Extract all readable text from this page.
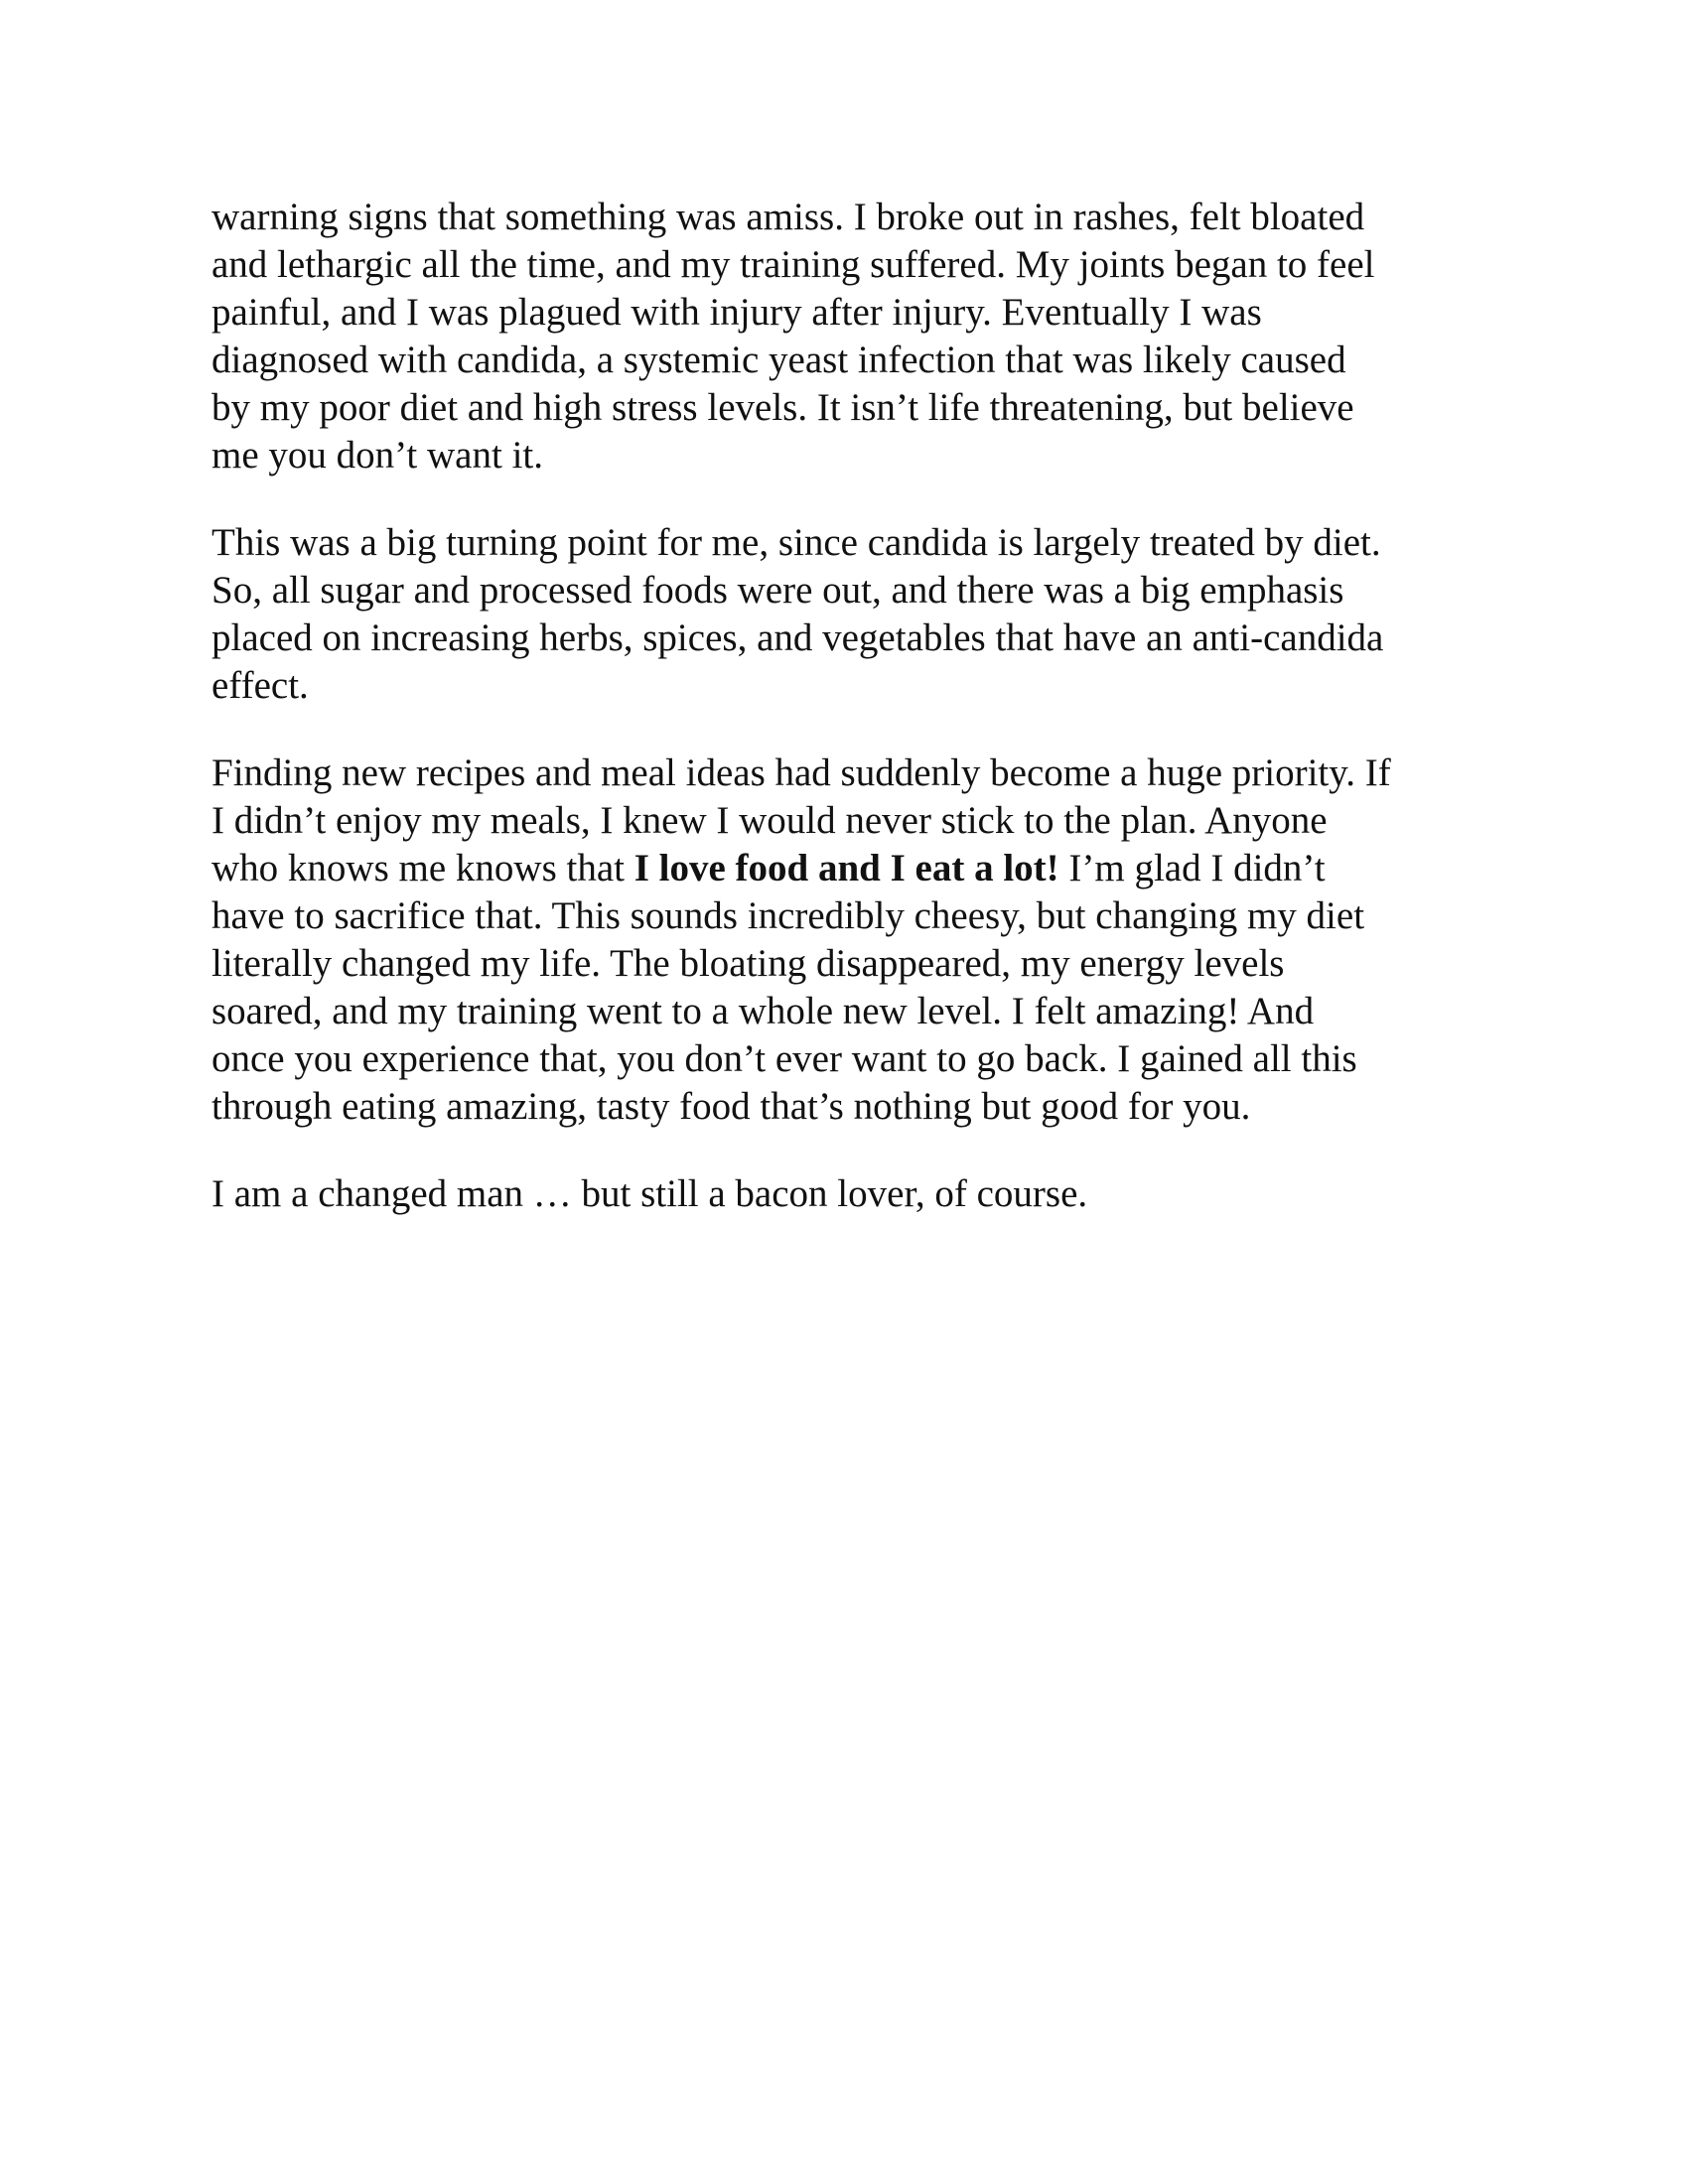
warning signs that something was amiss. I broke out in rashes, felt bloated
and lethargic all the time, and my training suffered. My joints began to feel
painful, and I was plagued with injury after injury. Eventually I was
diagnosed with candida, a systemic yeast infection that was likely caused
by my poor diet and high stress levels. It isn’t life threatening, but believe
me you don’t want it.

This was a big turning point for me, since candida is largely treated by diet.
So, all sugar and processed foods were out, and there was a big emphasis
placed on increasing herbs, spices, and vegetables that have an anti-candida
effect.

Finding new recipes and meal ideas had suddenly become a huge priority. If
I didn’t enjoy my meals, I knew I would never stick to the plan. Anyone
who knows me knows that I love food and I eat a lot! I’m glad I didn’t
have to sacrifice that. This sounds incredibly cheesy, but changing my diet
literally changed my life. The bloating disappeared, my energy levels
soared, and my training went to a whole new level. I felt amazing! And
once you experience that, you don’t ever want to go back. I gained all this
through eating amazing, tasty food that’s nothing but good for you.

I am a changed man … but still a bacon lover, of course.
